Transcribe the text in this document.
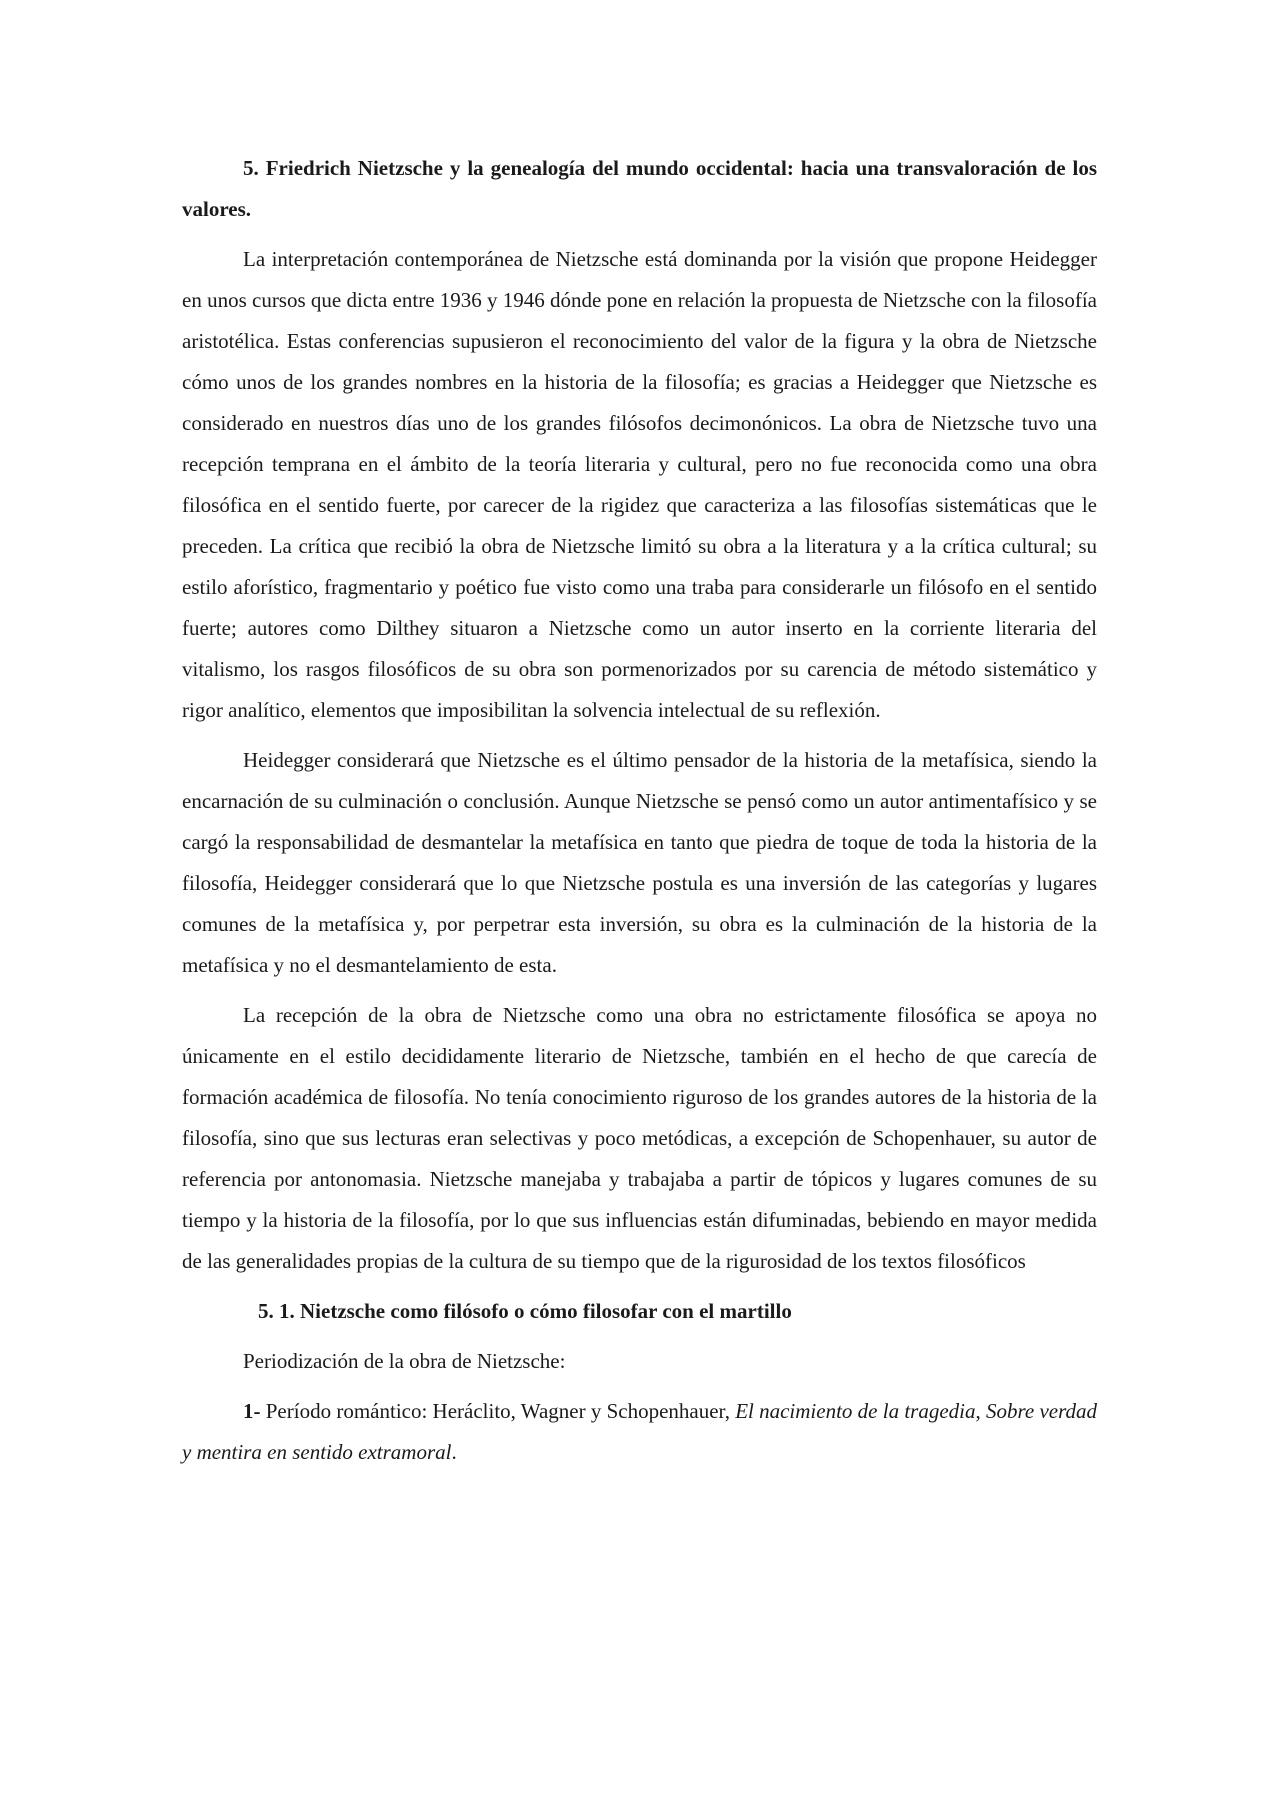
5. Friedrich Nietzsche y la genealogía del mundo occidental: hacia una transvaloración de los valores.

La interpretación contemporánea de Nietzsche está dominanda por la visión que propone Heidegger en unos cursos que dicta entre 1936 y 1946 dónde pone en relación la propuesta de Nietzsche con la filosofía aristotélica. Estas conferencias supusieron el reconocimiento del valor de la figura y la obra de Nietzsche cómo unos de los grandes nombres en la historia de la filosofía; es gracias a Heidegger que Nietzsche es considerado en nuestros días uno de los grandes filósofos decimonónicos. La obra de Nietzsche tuvo una recepción temprana en el ámbito de la teoría literaria y cultural, pero no fue reconocida como una obra filosófica en el sentido fuerte, por carecer de la rigidez que caracteriza a las filosofías sistemáticas que le preceden. La crítica que recibió la obra de Nietzsche limitó su obra a la literatura y a la crítica cultural; su estilo aforístico, fragmentario y poético fue visto como una traba para considerarle un filósofo en el sentido fuerte; autores como Dilthey situaron a Nietzsche como un autor inserto en la corriente literaria del vitalismo, los rasgos filosóficos de su obra son pormenorizados por su carencia de método sistemático y rigor analítico, elementos que imposibilitan la solvencia intelectual de su reflexión.

Heidegger considerará que Nietzsche es el último pensador de la historia de la metafísica, siendo la encarnación de su culminación o conclusión. Aunque Nietzsche se pensó como un autor antimentafísico y se cargó la responsabilidad de desmantelar la metafísica en tanto que piedra de toque de toda la historia de la filosofía, Heidegger considerará que lo que Nietzsche postula es una inversión de las categorías y lugares comunes de la metafísica y, por perpetrar esta inversión, su obra es la culminación de la historia de la metafísica y no el desmantelamiento de esta.

La recepción de la obra de Nietzsche como una obra no estrictamente filosófica se apoya no únicamente en el estilo decididamente literario de Nietzsche, también en el hecho de que carecía de formación académica de filosofía. No tenía conocimiento riguroso de los grandes autores de la historia de la filosofía, sino que sus lecturas eran selectivas y poco metódicas, a excepción de Schopenhauer, su autor de referencia por antonomasia. Nietzsche manejaba y trabajaba a partir de tópicos y lugares comunes de su tiempo y la historia de la filosofía, por lo que sus influencias están difuminadas, bebiendo en mayor medida de las generalidades propias de la cultura de su tiempo que de la rigurosidad de los textos filosóficos

5. 1. Nietzsche como filósofo o cómo filosofar con el martillo

Periodización de la obra de Nietzsche:

1- Período romántico: Heráclito, Wagner y Schopenhauer, El nacimiento de la tragedia, Sobre verdad y mentira en sentido extramoral.
